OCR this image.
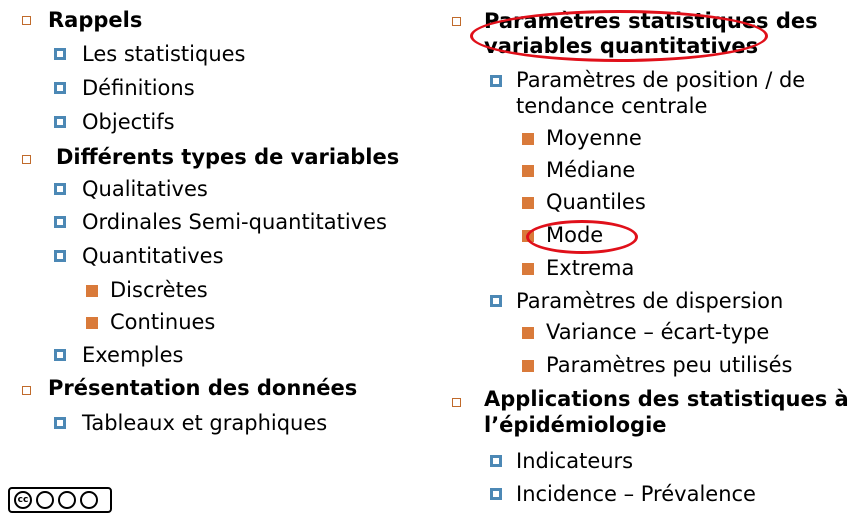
Rappels
Les statistiques
Définitions
Objectifs
Différents types de variables
Qualitatives
Ordinales Semi-quantitatives
Quantitatives
Discrètes
Continues
Exemples
Présentation des données
Tableaux et graphiques
Paramètres statistiques des
variables quantitatives
Paramètres de position / de
tendance centrale
Moyenne
Médiane
Quantiles
Mode
Extrema
Paramètres de dispersion
Variance – écart-type
Paramètres peu utilisés
Applications des statistiques à
l’épidémiologie
Indicateurs
Incidence – Prévalence
cc
